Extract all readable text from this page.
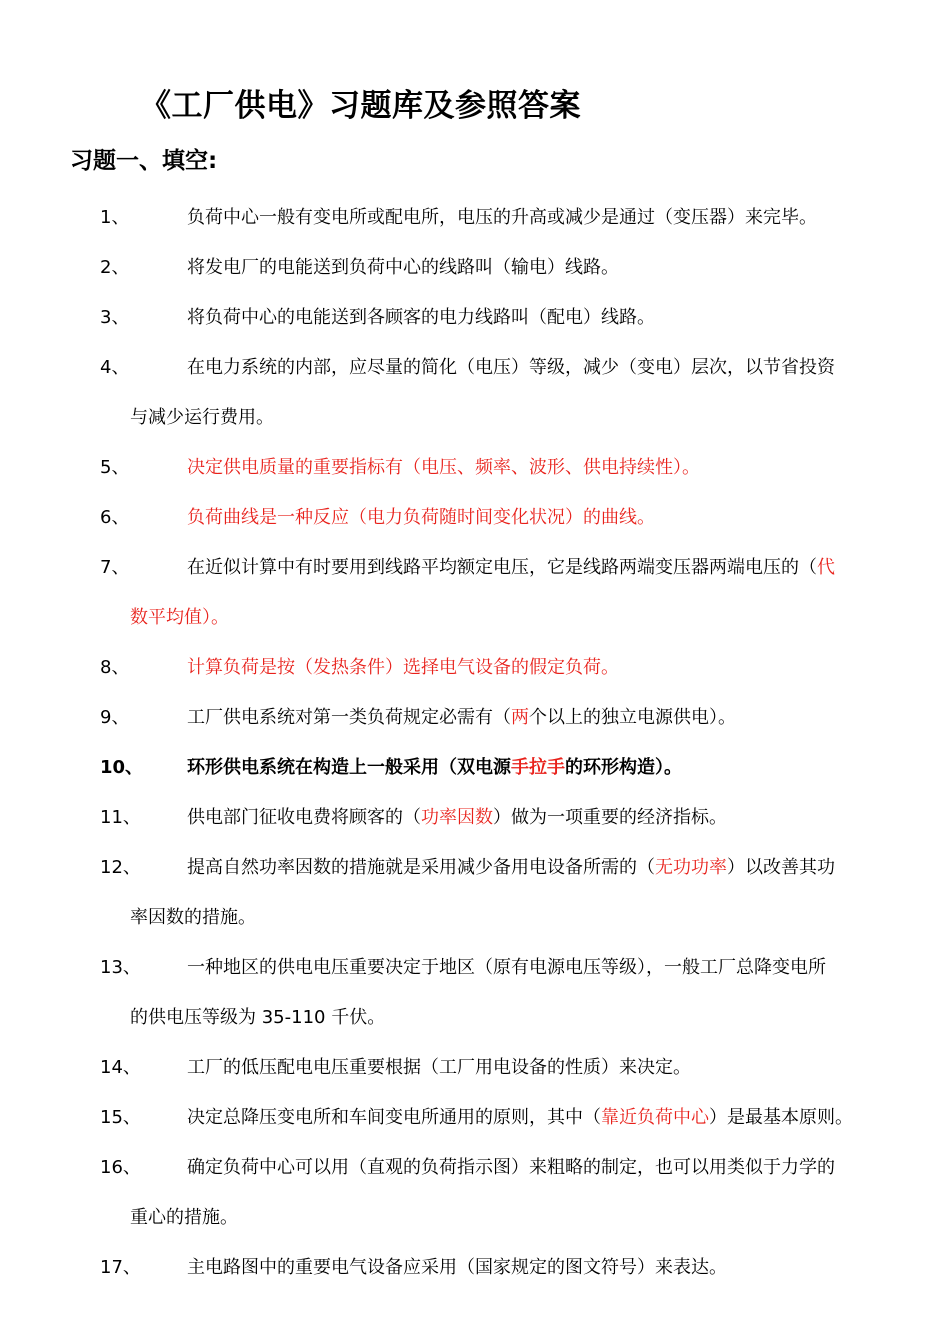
《工厂供电》习题库及参照答案
习题一、填空:
1、	负荷中心一般有变电所或配电所，电压的升高或减少是通过（变压器）来完毕。
2、	将发电厂的电能送到负荷中心的线路叫（输电）线路。
3、	将负荷中心的电能送到各顾客的电力线路叫（配电）线路。
4、	在电力系统的内部，应尽量的简化（电压）等级，减少（变电）层次，以节省投资
与减少运行费用。
5、	决定供电质量的重要指标有（电压、频率、波形、供电持续性）。
6、	负荷曲线是一种反应（电力负荷随时间变化状况）的曲线。
7、	在近似计算中有时要用到线路平均额定电压，它是线路两端变压器两端电压的（代
数平均值）。
8、	计算负荷是按（发热条件）选择电气设备的假定负荷。
9、	工厂供电系统对第一类负荷规定必需有（两个以上的独立电源供电）。
10、	环形供电系统在构造上一般采用（双电源手拉手的环形构造）。
11、	供电部门征收电费将顾客的（功率因数）做为一项重要的经济指标。
12、	提高自然功率因数的措施就是采用减少备用电设备所需的（无功功率）以改善其功
率因数的措施。
13、	一种地区的供电电压重要决定于地区（原有电源电压等级），一般工厂总降变电所
的供电压等级为 35-110 千伏。
14、	工厂的低压配电电压重要根据（工厂用电设备的性质）来决定。
15、	决定总降压变电所和车间变电所通用的原则，其中（靠近负荷中心）是最基本原则。
16、	确定负荷中心可以用（直观的负荷指示图）来粗略的制定，也可以用类似于力学的
重心的措施。
17、	主电路图中的重要电气设备应采用（国家规定的图文符号）来表达。
